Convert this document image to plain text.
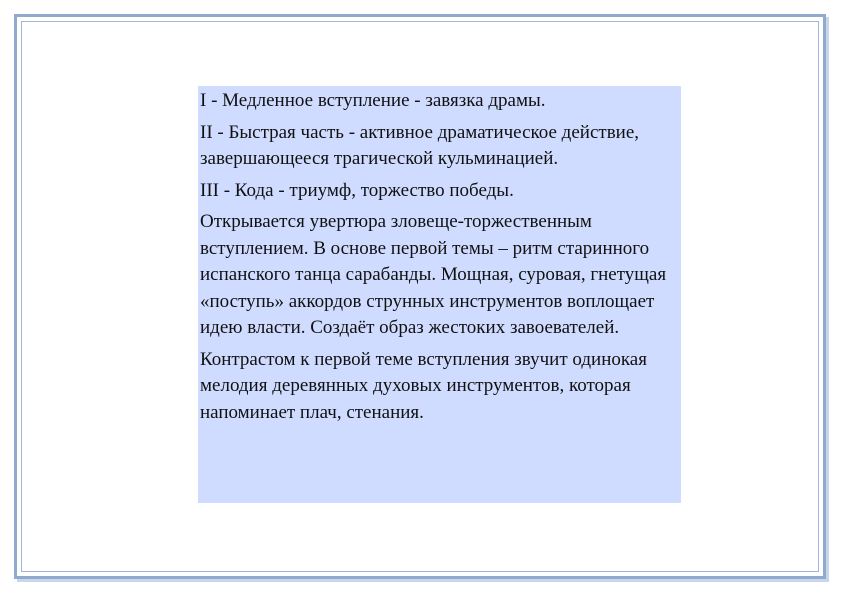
I - Медленное вступление - завязка драмы.

II - Быстрая часть - активное драматическое действие, завершающееся трагической кульминацией.

III - Кода - триумф, торжество победы.

Открывается увертюра зловеще-торжественным вступлением. В основе первой темы – ритм старинного испанского танца сарабанды. Мощная, суровая, гнетущая «поступь» аккордов струнных инструментов воплощает идею власти. Создаёт образ жестоких завоевателей.

Контрастом к первой теме вступления звучит одинокая мелодия деревянных духовых инструментов, которая напоминает плач, стенания.
